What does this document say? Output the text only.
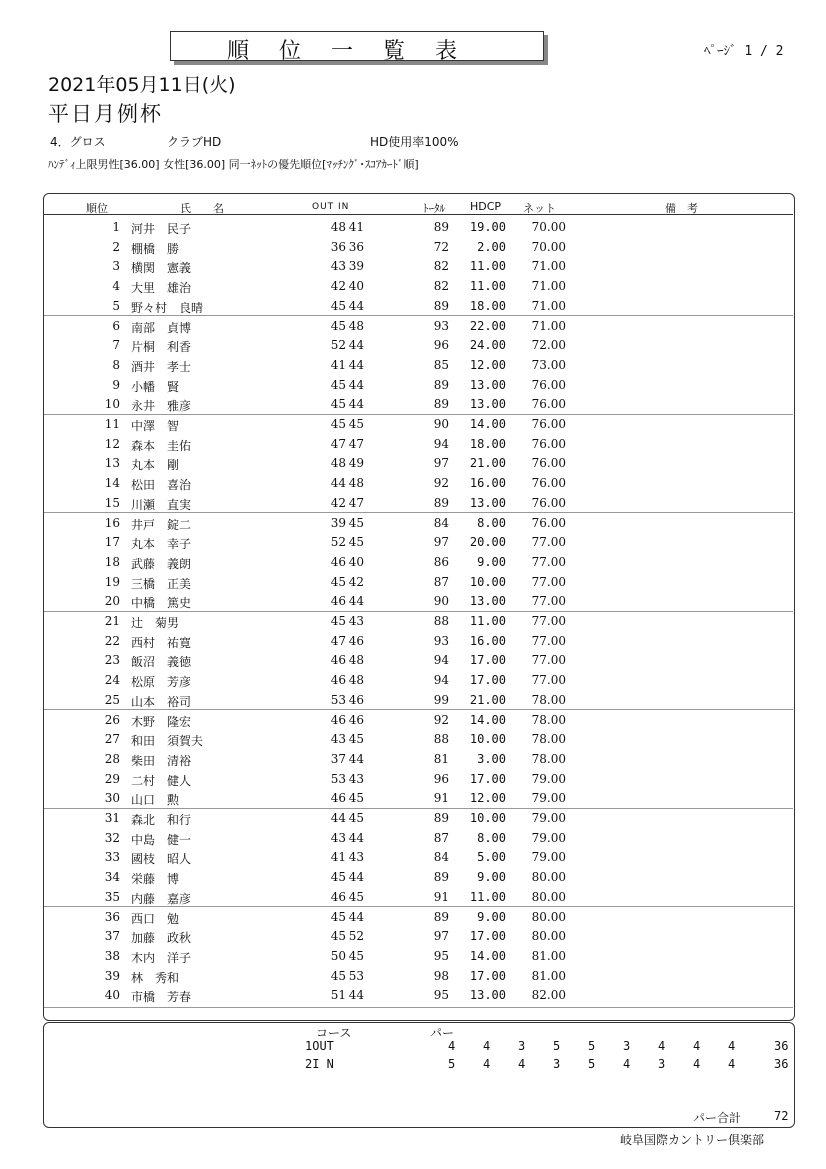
順位一覧表	ﾍﾟｰｼﾞ 1 / 2
2021年05月11日(火)
平日月例杯
4．グロス	クラブHD	HD使用率100%
ﾊﾝﾃﾞｨ上限男性[36.00] 女性[36.00] 同一ﾈｯﾄの優先順位[ﾏｯﾁﾝｸﾞ･ｽｺｱｶｰﾄﾞ順]
順位	氏　　名	OUT IN	ﾄｰﾀﾙ HDCP ネット	備　考
1 河井　民子	48 41	89	19.00	70.00
2 棚橋　勝	36 36	72	2.00	70.00
3 横関　憲義	43 39	82	11.00	71.00
4 大里　雄治	42 40	82	11.00	71.00
5 野々村　良晴	45 44	89	18.00	71.00
6 南部　貞博	45 48	93	22.00	71.00
7 片桐　利香	52 44	96	24.00	72.00
8 酒井　孝士	41 44	85	12.00	73.00
9 小幡　賢	45 44	89	13.00	76.00
10 永井　雅彦	45 44	89	13.00	76.00
11 中澤　智	45 45	90	14.00	76.00
12 森本　圭佑	47 47	94	18.00	76.00
13 丸本　剛	48 49	97	21.00	76.00
14 松田　喜治	44 48	92	16.00	76.00
15 川瀬　直実	42 47	89	13.00	76.00
16 井戸　錠二	39 45	84	8.00	76.00
17 丸本　幸子	52 45	97	20.00	77.00
18 武藤　義朗	46 40	86	9.00	77.00
19 三橋　正美	45 42	87	10.00	77.00
20 中橋　篤史	46 44	90	13.00	77.00
21 辻　菊男	45 43	88	11.00	77.00
22 西村　祐寛	47 46	93	16.00	77.00
23 飯沼　義徳	46 48	94	17.00	77.00
24 松原　芳彦	46 48	94	17.00	77.00
25 山本　裕司	53 46	99	21.00	78.00
26 木野　隆宏	46 46	92	14.00	78.00
27 和田　須賀夫	43 45	88	10.00	78.00
28 柴田　清裕	37 44	81	3.00	78.00
29 二村　健人	53 43	96	17.00	79.00
30 山口　勲	46 45	91	12.00	79.00
31 森北　和行	44 45	89	10.00	79.00
32 中島　健一	43 44	87	8.00	79.00
33 國枝　昭人	41 43	84	5.00	79.00
34 栄藤　博	45 44	89	9.00	80.00
35 内藤　嘉彦	46 45	91	11.00	80.00
36 西口　勉	45 44	89	9.00	80.00
37 加藤　政秋	45 52	97	17.00	80.00
38 木内　洋子	50 45	95	14.00	81.00
39 林　秀和	45 53	98	17.00	81.00
40 市橋　芳春	51 44	95	13.00	82.00
コース	パー
1OUT	4 4 3 5 5 3 4 4 4	36
2I N	5 4 4 3 5 4 3 4 4	36
パー合計	72
岐阜国際カントリー倶楽部
